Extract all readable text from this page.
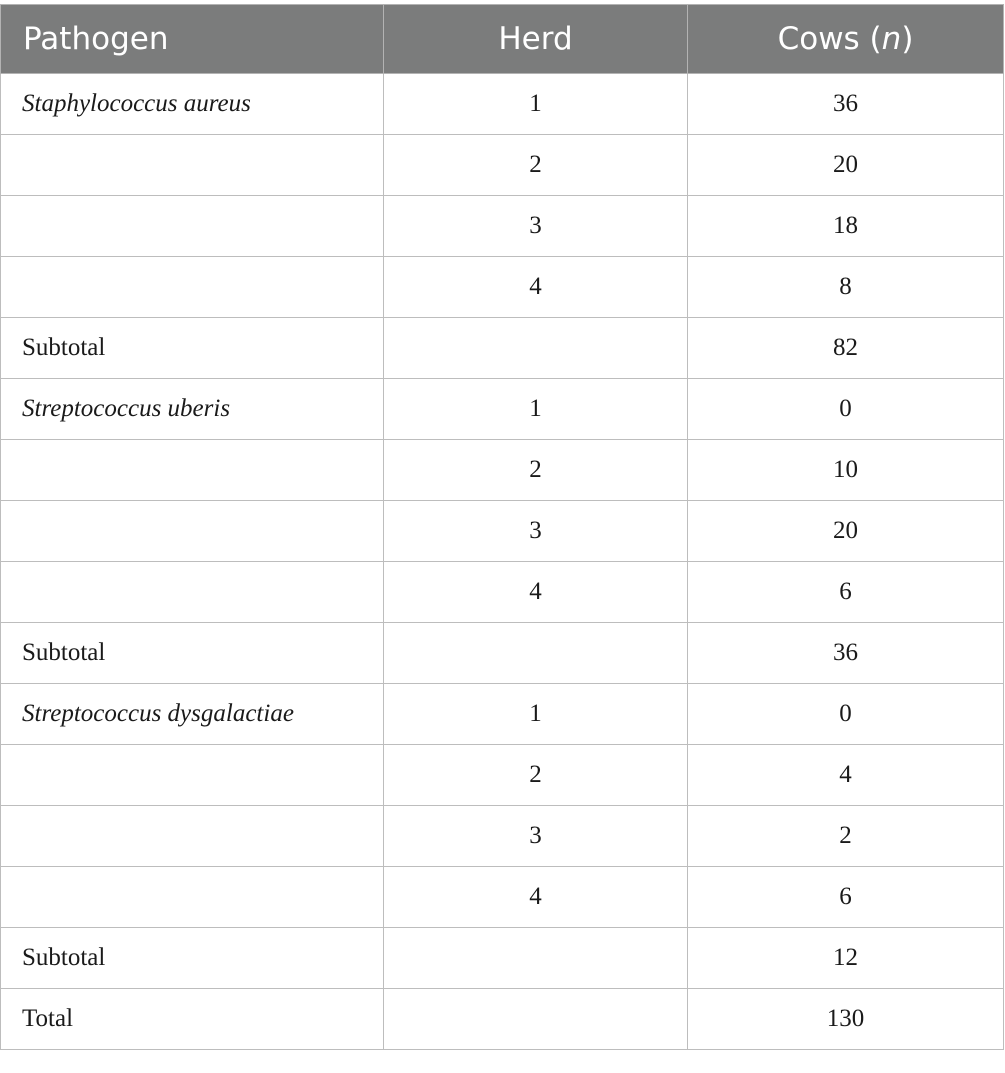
Pathogen	Herd	Cows (n)
Staphylococcus aureus	1	36
	2	20
	3	18
	4	8
Subtotal		82
Streptococcus uberis	1	0
	2	10
	3	20
	4	6
Subtotal		36
Streptococcus dysgalactiae	1	0
	2	4
	3	2
	4	6
Subtotal		12
Total		130
